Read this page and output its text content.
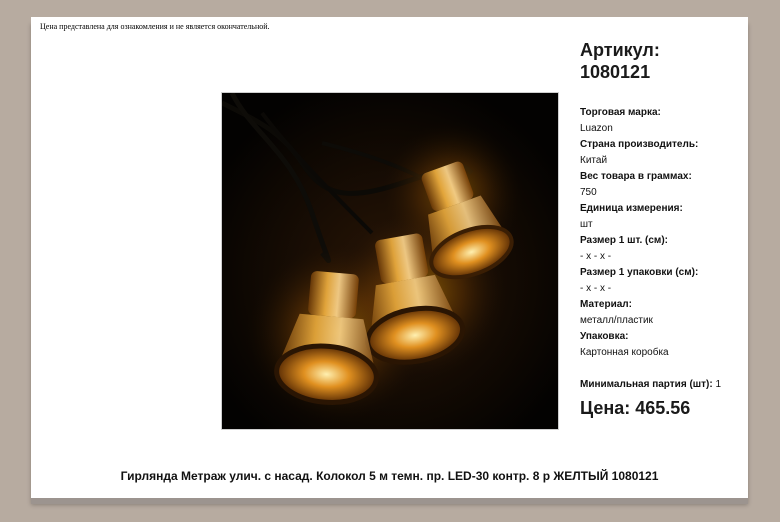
Цена представлена для ознакомления и не является окончательной.
Артикул:
1080121
Торговая марка:
Luazon
Страна производитель:
Китай
Вес товара в граммах:
750
Единица измерения:
шт
Размер 1 шт. (см):
- x - x -
Размер 1 упаковки (см):
- x - x -
Материал:
металл/пластик
Упаковка:
Картонная коробка
Минимальная партия (шт): 1
Цена: 465.56
Гирлянда Метраж улич. с насад. Колокол 5 м темн. пр. LED-30 контр. 8 р ЖЕЛТЫЙ 1080121
